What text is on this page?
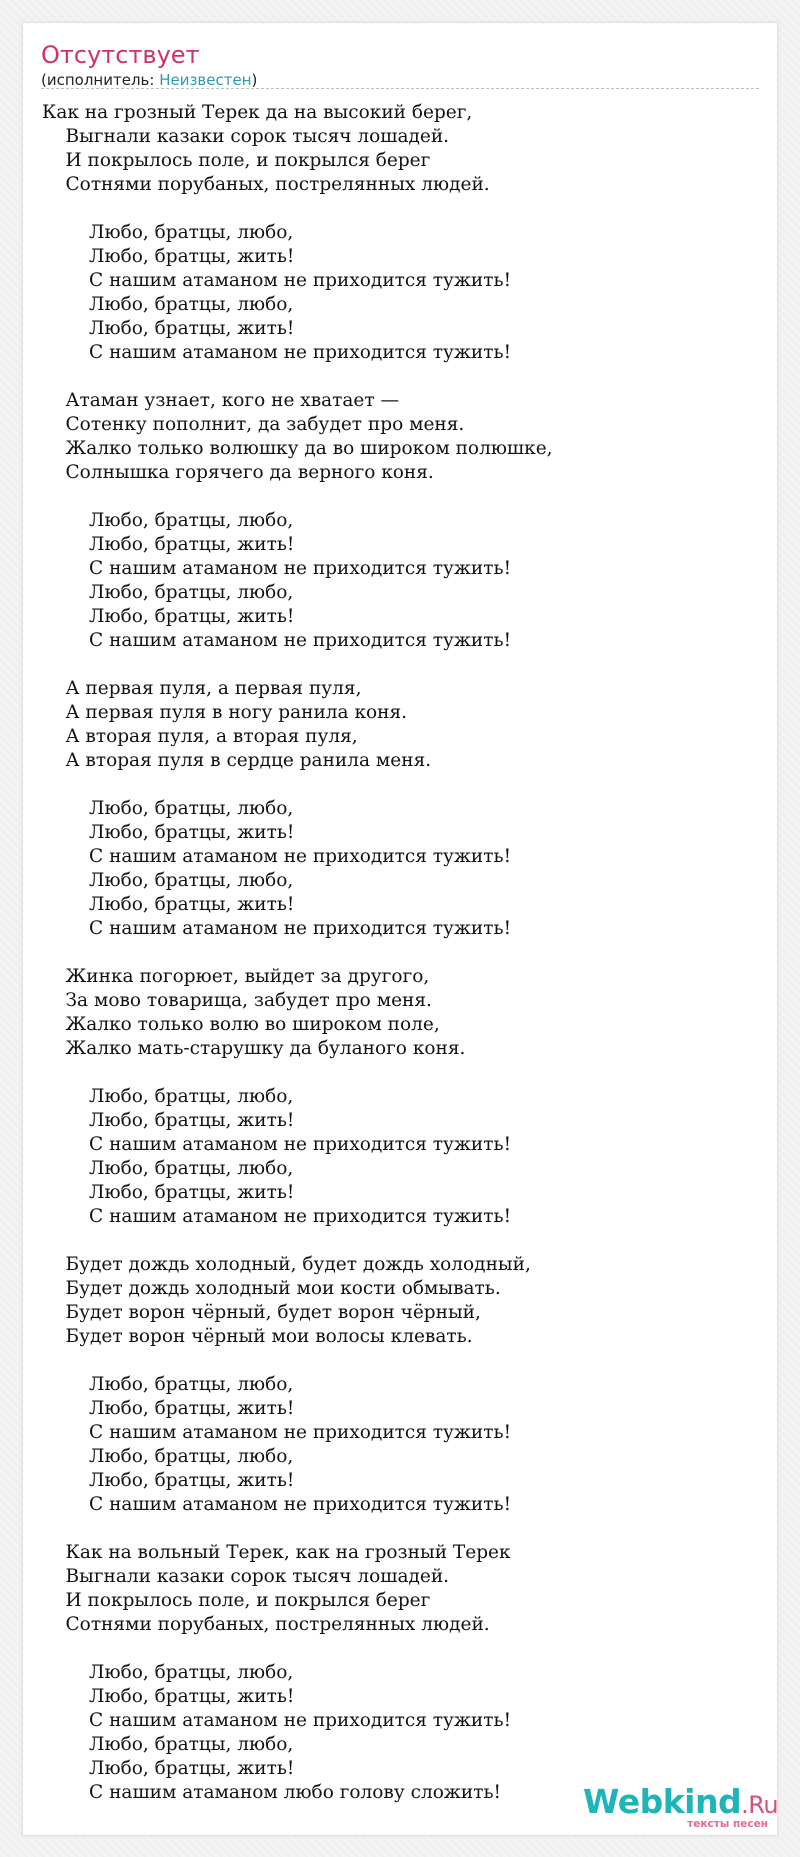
Отсутствует
(исполнитель: Неизвестен)
Как на грозный Терек да на высокий берег,
Выгнали казаки сорок тысяч лошадей.
И покрылось поле, и покрылся берег
Сотнями порубаных, пострелянных людей.
Любо, братцы, любо,
Любо, братцы, жить!
С нашим атаманом не приходится тужить!
Любо, братцы, любо,
Любо, братцы, жить!
С нашим атаманом не приходится тужить!
Атаман узнает, кого не хватает —
Сотенку пополнит, да забудет про меня.
Жалко только волюшку да во широком полюшке,
Солнышка горячего да верного коня.
Любо, братцы, любо,
Любо, братцы, жить!
С нашим атаманом не приходится тужить!
Любо, братцы, любо,
Любо, братцы, жить!
С нашим атаманом не приходится тужить!
А первая пуля, а первая пуля,
А первая пуля в ногу ранила коня.
А вторая пуля, а вторая пуля,
А вторая пуля в сердце ранила меня.
Любо, братцы, любо,
Любо, братцы, жить!
С нашим атаманом не приходится тужить!
Любо, братцы, любо,
Любо, братцы, жить!
С нашим атаманом не приходится тужить!
Жинка погорюет, выйдет за другого,
За мово товарища, забудет про меня.
Жалко только волю во широком поле,
Жалко мать-старушку да буланого коня.
Любо, братцы, любо,
Любо, братцы, жить!
С нашим атаманом не приходится тужить!
Любо, братцы, любо,
Любо, братцы, жить!
С нашим атаманом не приходится тужить!
Будет дождь холодный, будет дождь холодный,
Будет дождь холодный мои кости обмывать.
Будет ворон чёрный, будет ворон чёрный,
Будет ворон чёрный мои волосы клевать.
Любо, братцы, любо,
Любо, братцы, жить!
С нашим атаманом не приходится тужить!
Любо, братцы, любо,
Любо, братцы, жить!
С нашим атаманом не приходится тужить!
Как на вольный Терек, как на грозный Терек
Выгнали казаки сорок тысяч лошадей.
И покрылось поле, и покрылся берег
Сотнями порубаных, пострелянных людей.
Любо, братцы, любо,
Любо, братцы, жить!
С нашим атаманом не приходится тужить!
Любо, братцы, любо,
Любо, братцы, жить!
С нашим атаманом любо голову сложить!	Webkind.Ru
тексты песен
